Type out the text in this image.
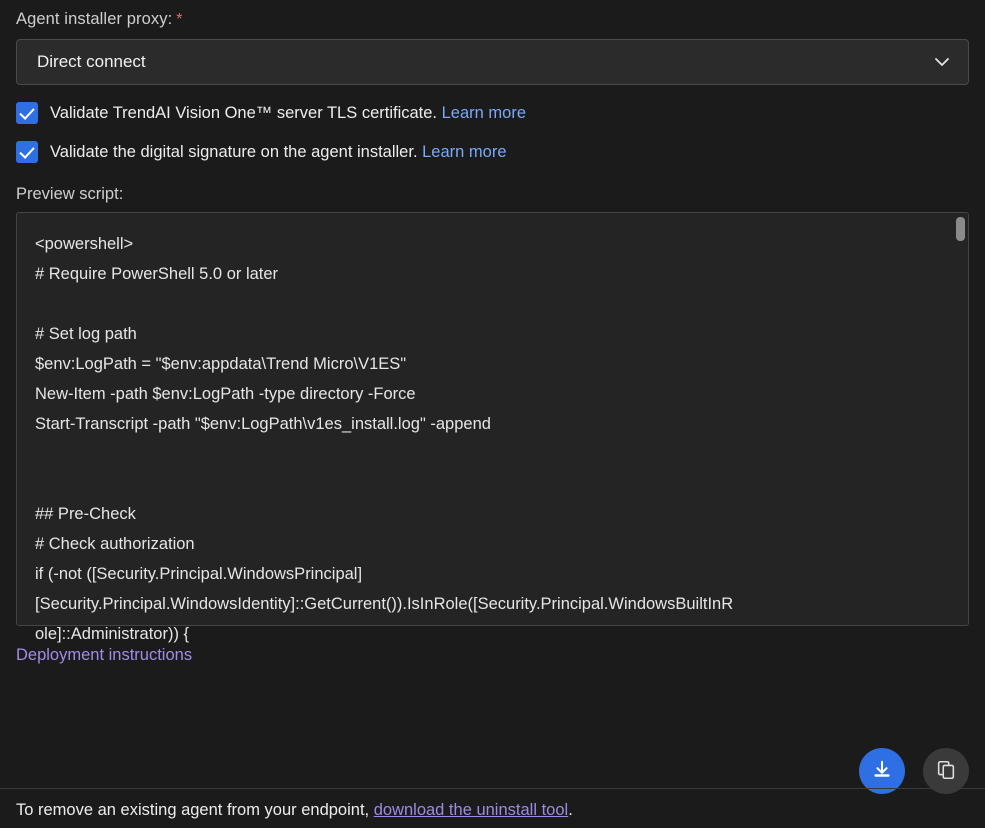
Agent installer proxy: *
Direct connect
Validate TrendAI Vision One™ server TLS certificate. Learn more
Validate the digital signature on the agent installer. Learn more
Preview script:
<powershell>
# Require PowerShell 5.0 or later

# Set log path
$env:LogPath = "$env:appdata\Trend Micro\V1ES"
New-Item -path $env:LogPath -type directory -Force
Start-Transcript -path "$env:LogPath\v1es_install.log" -append

## Pre-Check
# Check authorization
if (-not ([Security.Principal.WindowsPrincipal]
[Security.Principal.WindowsIdentity]::GetCurrent()).IsInRole([Security.Principal.WindowsBuiltInR
ole]::Administrator)) {
Deployment instructions
To remove an existing agent from your endpoint, download the uninstall tool.
